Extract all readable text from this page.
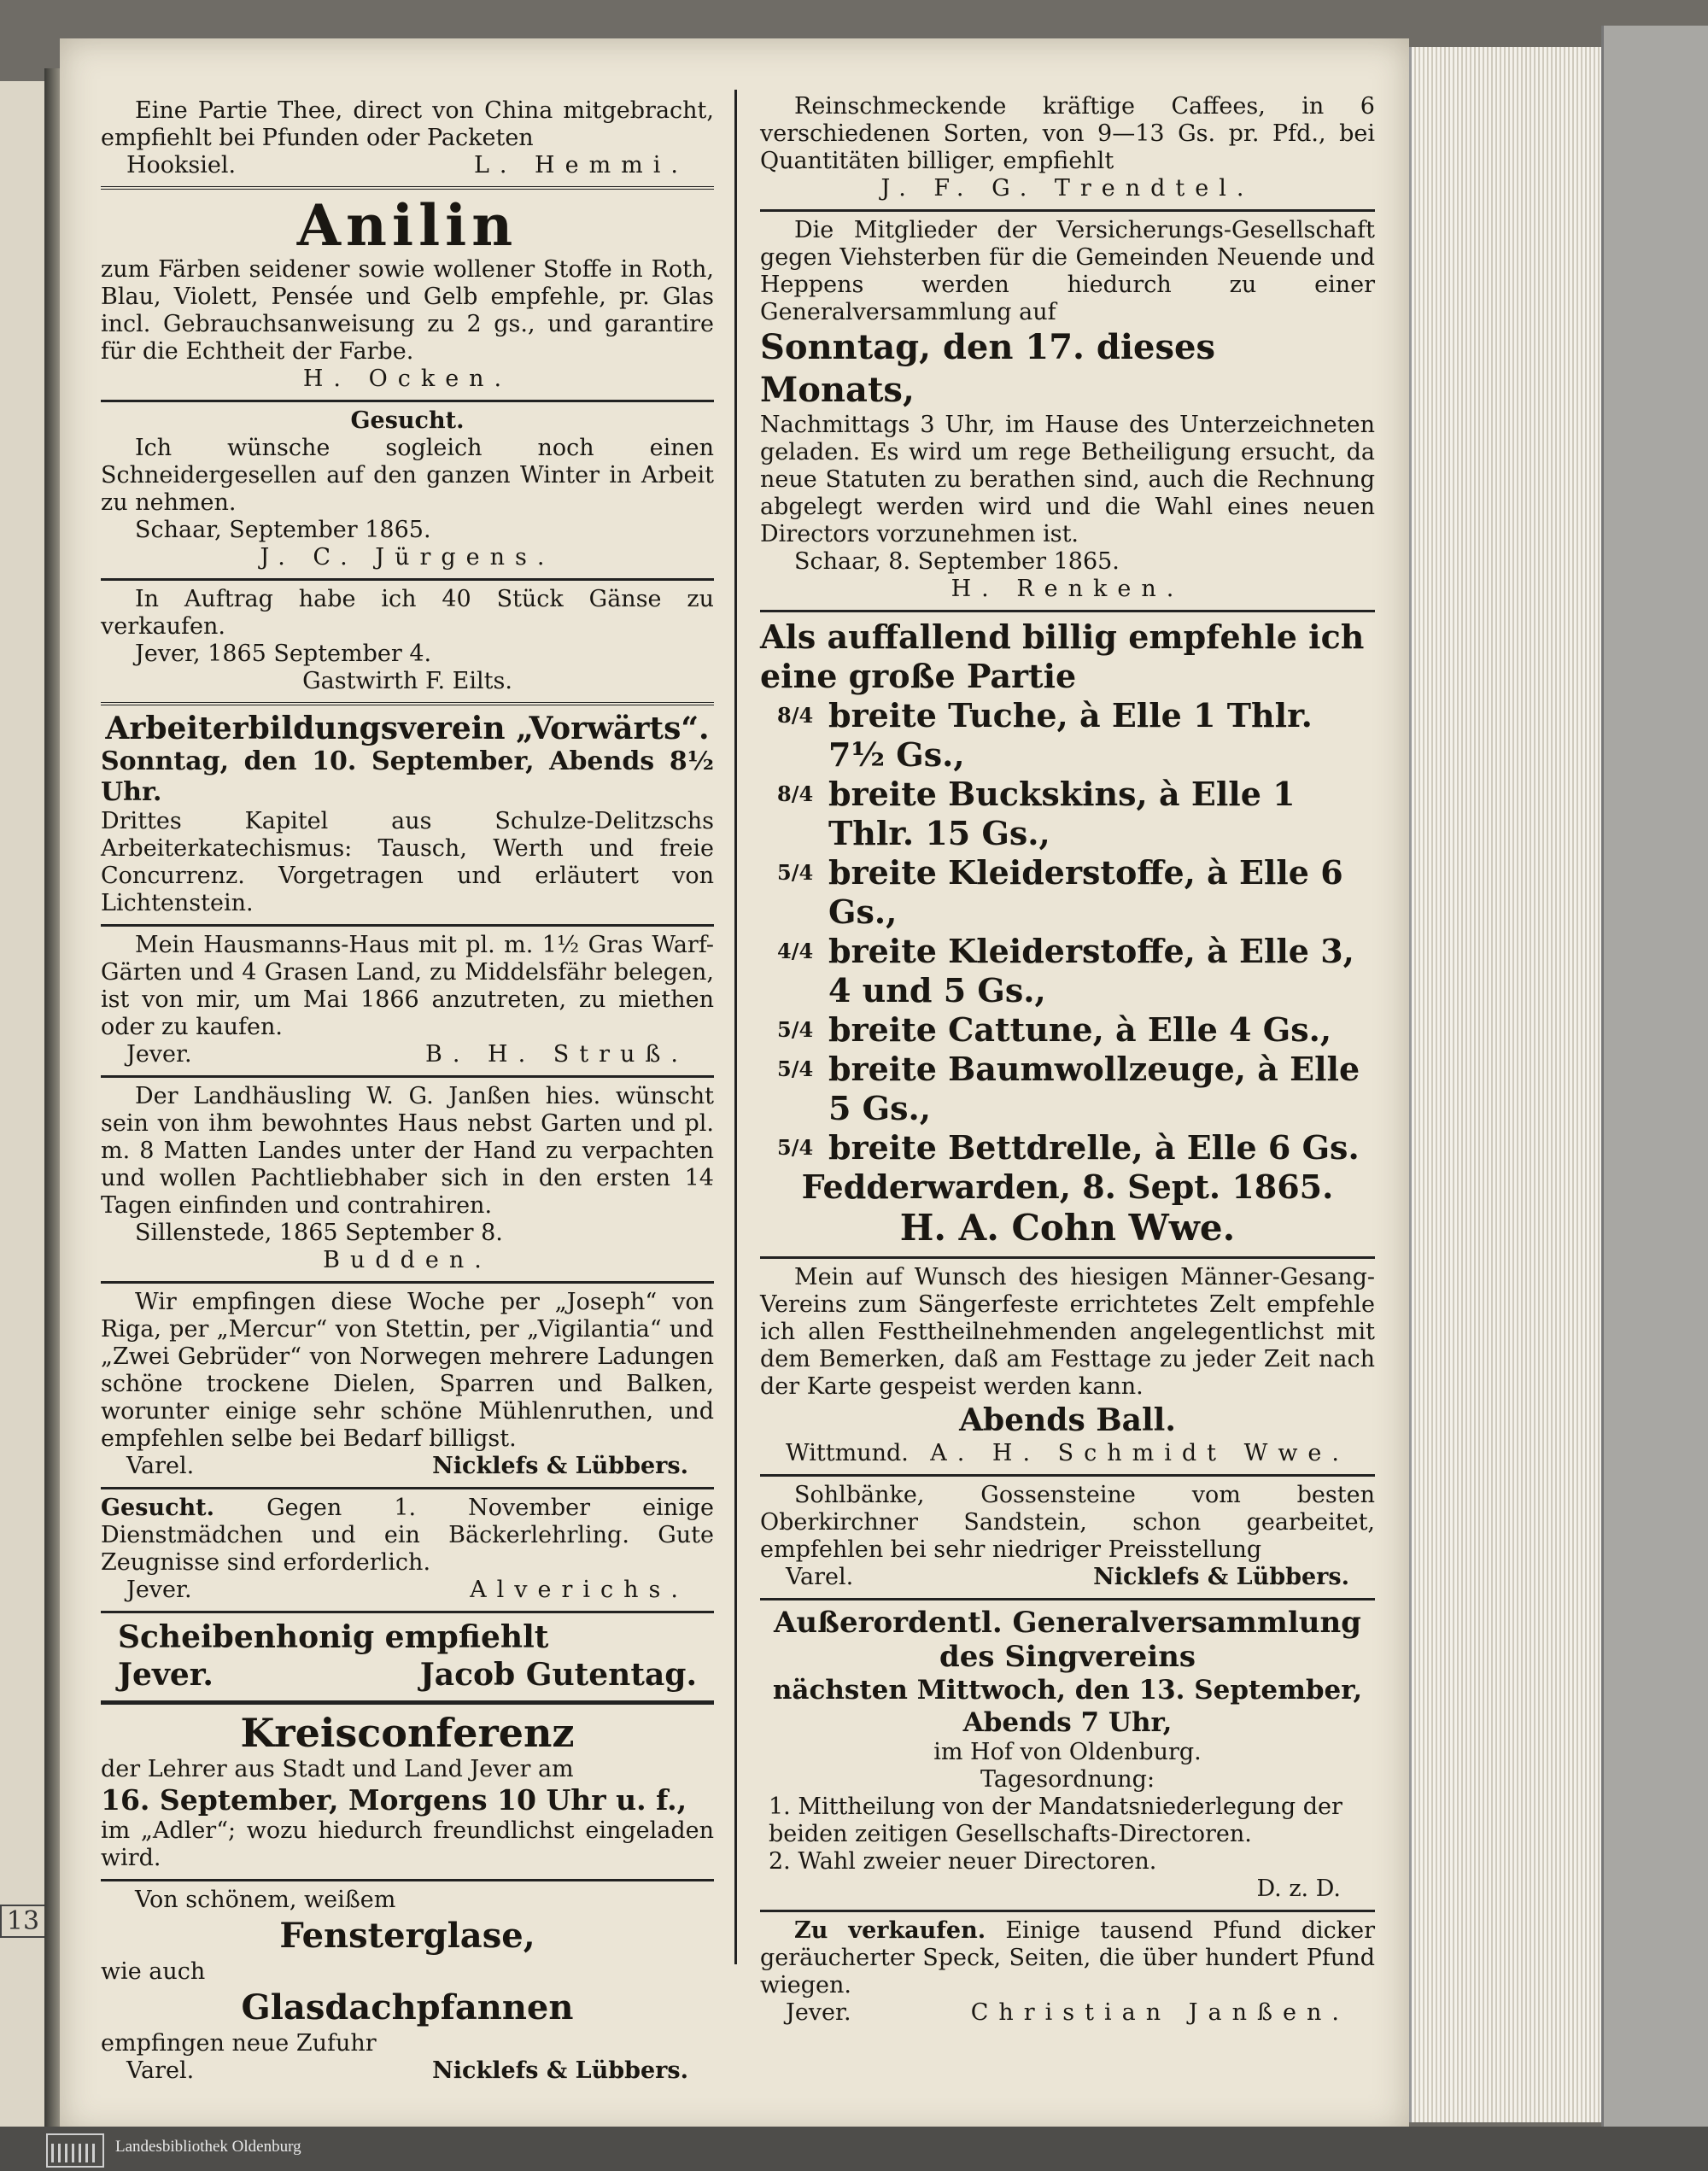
13
Eine Partie Thee, direct von China mitgebracht, empfiehlt bei Pfunden oder Packeten
Hooksiel.	L. Hemmi.
Anilin
zum Färben seidener sowie wollener Stoffe in Roth, Blau, Violett, Pensée und Gelb empfehle, pr. Glas incl. Gebrauchsanweisung zu 2 gs., und garantire für die Echtheit der Farbe.
H. Ocken.
Gesucht.
Ich wünsche sogleich noch einen Schneidergesellen auf den ganzen Winter in Arbeit zu nehmen.
Schaar, September 1865.
J. C. Jürgens.
In Auftrag habe ich 40 Stück Gänse zu verkaufen.
Jever, 1865 September 4.
Gastwirth F. Eilts.
Arbeiterbildungsverein „Vorwärts“.
Sonntag, den 10. September, Abends 8½ Uhr.
Drittes Kapitel aus Schulze-Delitzschs Arbeiterkatechismus: Tausch, Werth und freie Concurrenz. Vorgetragen und erläutert von Lichtenstein.
Mein Hausmanns-Haus mit pl. m. 1½ Gras Warf-Gärten und 4 Grasen Land, zu Middelsfähr belegen, ist von mir, um Mai 1866 anzutreten, zu miethen oder zu kaufen.
Jever.	B. H. Struß.
Der Landhäusling W. G. Janßen hies. wünscht sein von ihm bewohntes Haus nebst Garten und pl. m. 8 Matten Landes unter der Hand zu verpachten und wollen Pachtliebhaber sich in den ersten 14 Tagen einfinden und contrahiren.
Sillenstede, 1865 September 8.
Budden.
Wir empfingen diese Woche per „Joseph“ von Riga, per „Mercur“ von Stettin, per „Vigilantia“ und „Zwei Gebrüder“ von Norwegen mehrere Ladungen schöne trockene Dielen, Sparren und Balken, worunter einige sehr schöne Mühlenruthen, und empfehlen selbe bei Bedarf billigst.
Varel.	Nicklefs & Lübbers.
Gesucht. Gegen 1. November einige Dienstmädchen und ein Bäckerlehrling. Gute Zeugnisse sind erforderlich.
Jever.	Alverichs.
Scheibenhonig empfiehlt
Jever.	Jacob Gutentag.
Kreisconferenz
der Lehrer aus Stadt und Land Jever am
16. September, Morgens 10 Uhr u. f.,
im „Adler“; wozu hiedurch freundlichst eingeladen wird.
Von schönem, weißem
Fensterglase,
wie auch
Glasdachpfannen
empfingen neue Zufuhr
Varel.	Nicklefs & Lübbers.
Reinschmeckende kräftige Caffees, in 6 verschiedenen Sorten, von 9—13 Gs. pr. Pfd., bei Quantitäten billiger, empfiehlt
J. F. G. Trendtel.
Die Mitglieder der Versicherungs-Gesellschaft gegen Viehsterben für die Gemeinden Neuende und Heppens werden hiedurch zu einer Generalversammlung auf
Sonntag, den 17. dieses Monats,
Nachmittags 3 Uhr, im Hause des Unterzeichneten geladen. Es wird um rege Betheiligung ersucht, da neue Statuten zu berathen sind, auch die Rechnung abgelegt werden wird und die Wahl eines neuen Directors vorzunehmen ist.
Schaar, 8. September 1865.
H. Renken.
Als auffallend billig empfehle ich eine große Partie
8/4 breite Tuche, à Elle 1 Thlr. 7½ Gs.,
8/4 breite Buckskins, à Elle 1 Thlr. 15 Gs.,
5/4 breite Kleiderstoffe, à Elle 6 Gs.,
4/4 breite Kleiderstoffe, à Elle 3, 4 und 5 Gs.,
5/4 breite Cattune, à Elle 4 Gs.,
5/4 breite Baumwollzeuge, à Elle 5 Gs.,
5/4 breite Bettdrelle, à Elle 6 Gs.
Fedderwarden, 8. Sept. 1865.
H. A. Cohn Wwe.
Mein auf Wunsch des hiesigen Männer-Gesang-Vereins zum Sängerfeste errichtetes Zelt empfehle ich allen Festtheilnehmenden angelegentlichst mit dem Bemerken, daß am Festtage zu jeder Zeit nach der Karte gespeist werden kann.
Abends Ball.
Wittmund. A. H. Schmidt Wwe.
Sohlbänke, Gossensteine vom besten Oberkirchner Sandstein, schon gearbeitet, empfehlen bei sehr niedriger Preisstellung
Varel.	Nicklefs & Lübbers.
Außerordentl. Generalversammlung des Singvereins
nächsten Mittwoch, den 13. September,
Abends 7 Uhr,
im Hof von Oldenburg.
Tagesordnung:
1. Mittheilung von der Mandatsniederlegung der beiden zeitigen Gesellschafts-Directoren.
2. Wahl zweier neuer Directoren.
D. z. D.
Zu verkaufen. Einige tausend Pfund dicker geräucherter Speck, Seiten, die über hundert Pfund wiegen.
Jever.	Christian Janßen.
Landesbibliothek Oldenburg
